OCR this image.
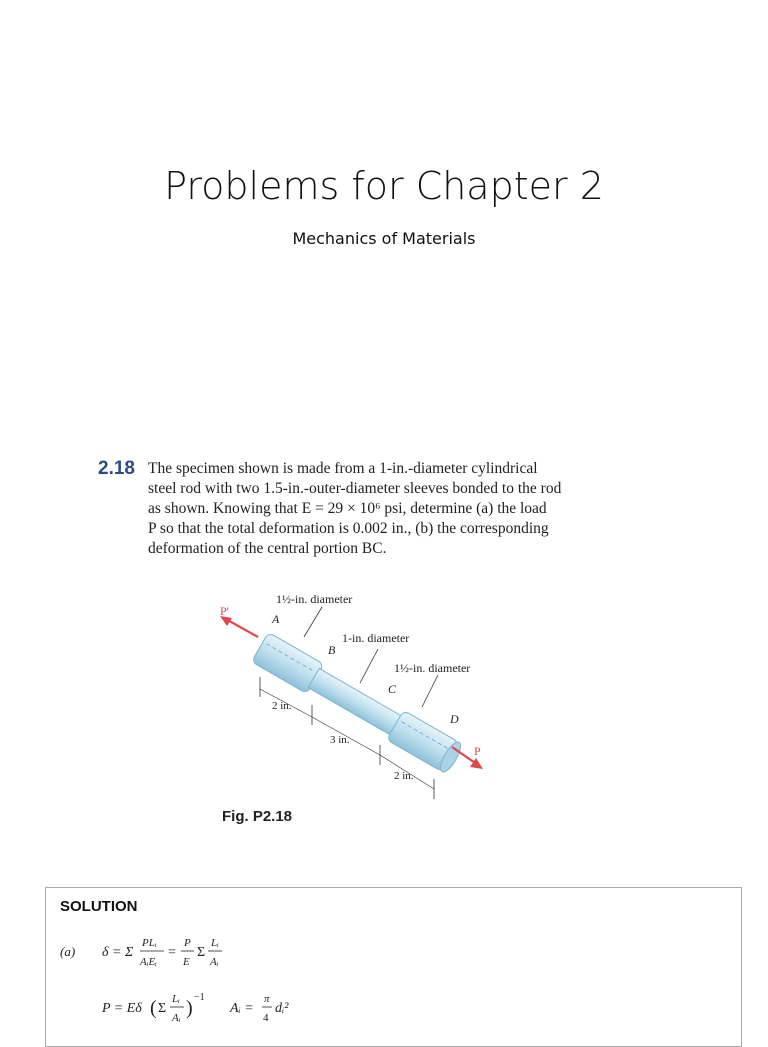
Problems for Chapter 2
Mechanics of Materials
2.18 The specimen shown is made from a 1-in.-diameter cylindrical
steel rod with two 1.5-in.-outer-diameter sleeves bonded to the rod
as shown. Knowing that E = 29 × 10⁶ psi, determine (a) the load
P so that the total deformation is 0.002 in., (b) the corresponding
deformation of the central portion BC.
P'
P
A
B
C
D
1½-in. diameter
1-in. diameter
1½-in. diameter
2 in.
3 in.
2 in.
Fig. P2.18
SOLUTION
(a) δ = Σ
PLᵢ
AᵢEᵢ
=
P
E
Σ
Lᵢ
Aᵢ
P = Eδ ( Σ
Lᵢ
Aᵢ ) −1
Aᵢ =
π
4
dᵢ²
